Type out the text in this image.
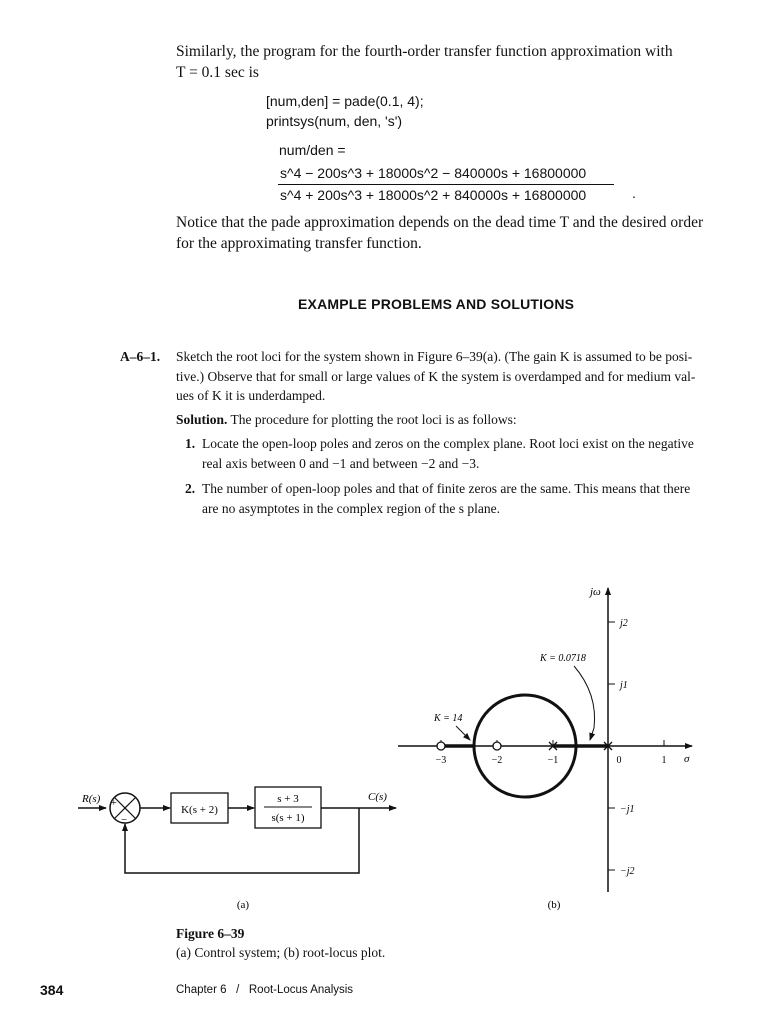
Similarly, the program for the fourth-order transfer function approximation with
T = 0.1 sec is
[num,den] = pade(0.1, 4);
printsys(num, den, 's')
num/den =
s^4 − 200s^3 + 18000s^2 − 840000s + 16800000
s^4 + 200s^3 + 18000s^2 + 840000s + 16800000	.
Notice that the pade approximation depends on the dead time T and the desired order
for the approximating transfer function.
EXAMPLE PROBLEMS AND SOLUTIONS
A–6–1. Sketch the root loci for the system shown in Figure 6–39(a). (The gain K is assumed to be posi-
tive.) Observe that for small or large values of K the system is overdamped and for medium val-
ues of K it is underdamped.
Solution. The procedure for plotting the root loci is as follows:
1. Locate the open-loop poles and zeros on the complex plane. Root loci exist on the negative
real axis between 0 and −1 and between −2 and −3.
2. The number of open-loop poles and that of finite zeros are the same. This means that there
are no asymptotes in the complex region of the s plane.
R(s) +
−
K(s + 2)
s + 3
s(s + 1)
C(s)
(a)
jω
σ
j2
j1
−j1
−j2
−3	−2	−1	0	1
K = 0.0718
K = 14
(b)
Figure 6–39
(a) Control system; (b) root-locus plot.
384	Chapter 6   /   Root-Locus Analysis
